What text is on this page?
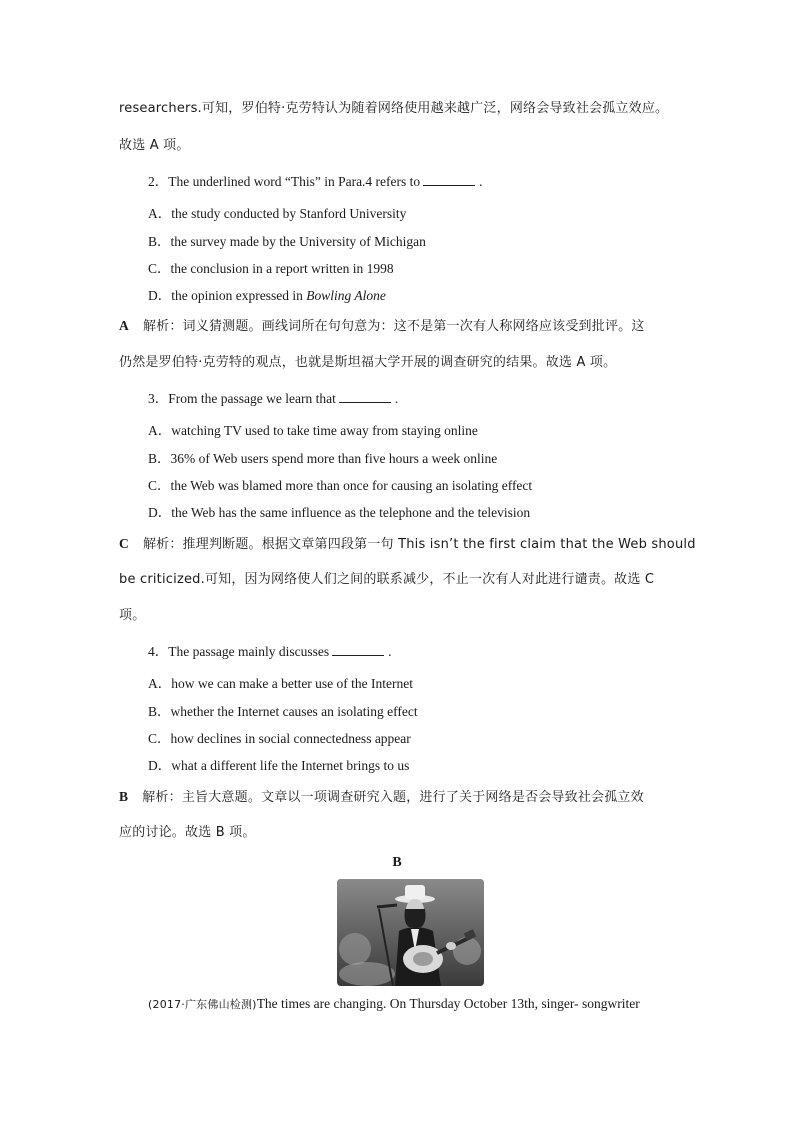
researchers.可知，罗伯特·克劳特认为随着网络使用越来越广泛，网络会导致社会孤立效应。
故选 A 项。
2．The underlined word “This” in Para.4 refers to	.
A．the study conducted by Stanford University
B．the survey made by the University of Michigan
C．the conclusion in a report written in 1998
D．the opinion expressed in Bowling Alone
A 解析：词义猜测题。画线词所在句句意为：这不是第一次有人称网络应该受到批评。这
仍然是罗伯特·克劳特的观点，也就是斯坦福大学开展的调查研究的结果。故选 A 项。
3．From the passage we learn that	.
A．watching TV used to take time away from staying online
B．36% of Web users spend more than five hours a week online
C．the Web was blamed more than once for causing an isolating effect
D．the Web has the same influence as the telephone and the television
C 解析：推理判断题。根据文章第四段第一句 This isn’t the first claim that the Web should
be criticized.可知，因为网络使人们之间的联系减少，不止一次有人对此进行谴责。故选 C
项。
4．The passage mainly discusses	.
A．how we can make a better use of the Internet
B．whether the Internet causes an isolating effect
C．how declines in social connectedness appear
D．what a different life the Internet brings to us
B 解析：主旨大意题。文章以一项调查研究入题，进行了关于网络是否会导致社会孤立效
应的讨论。故选 B 项。
B
(2017·广东佛山检测)The times are changing. On Thursday October 13th, singer- songwriter
